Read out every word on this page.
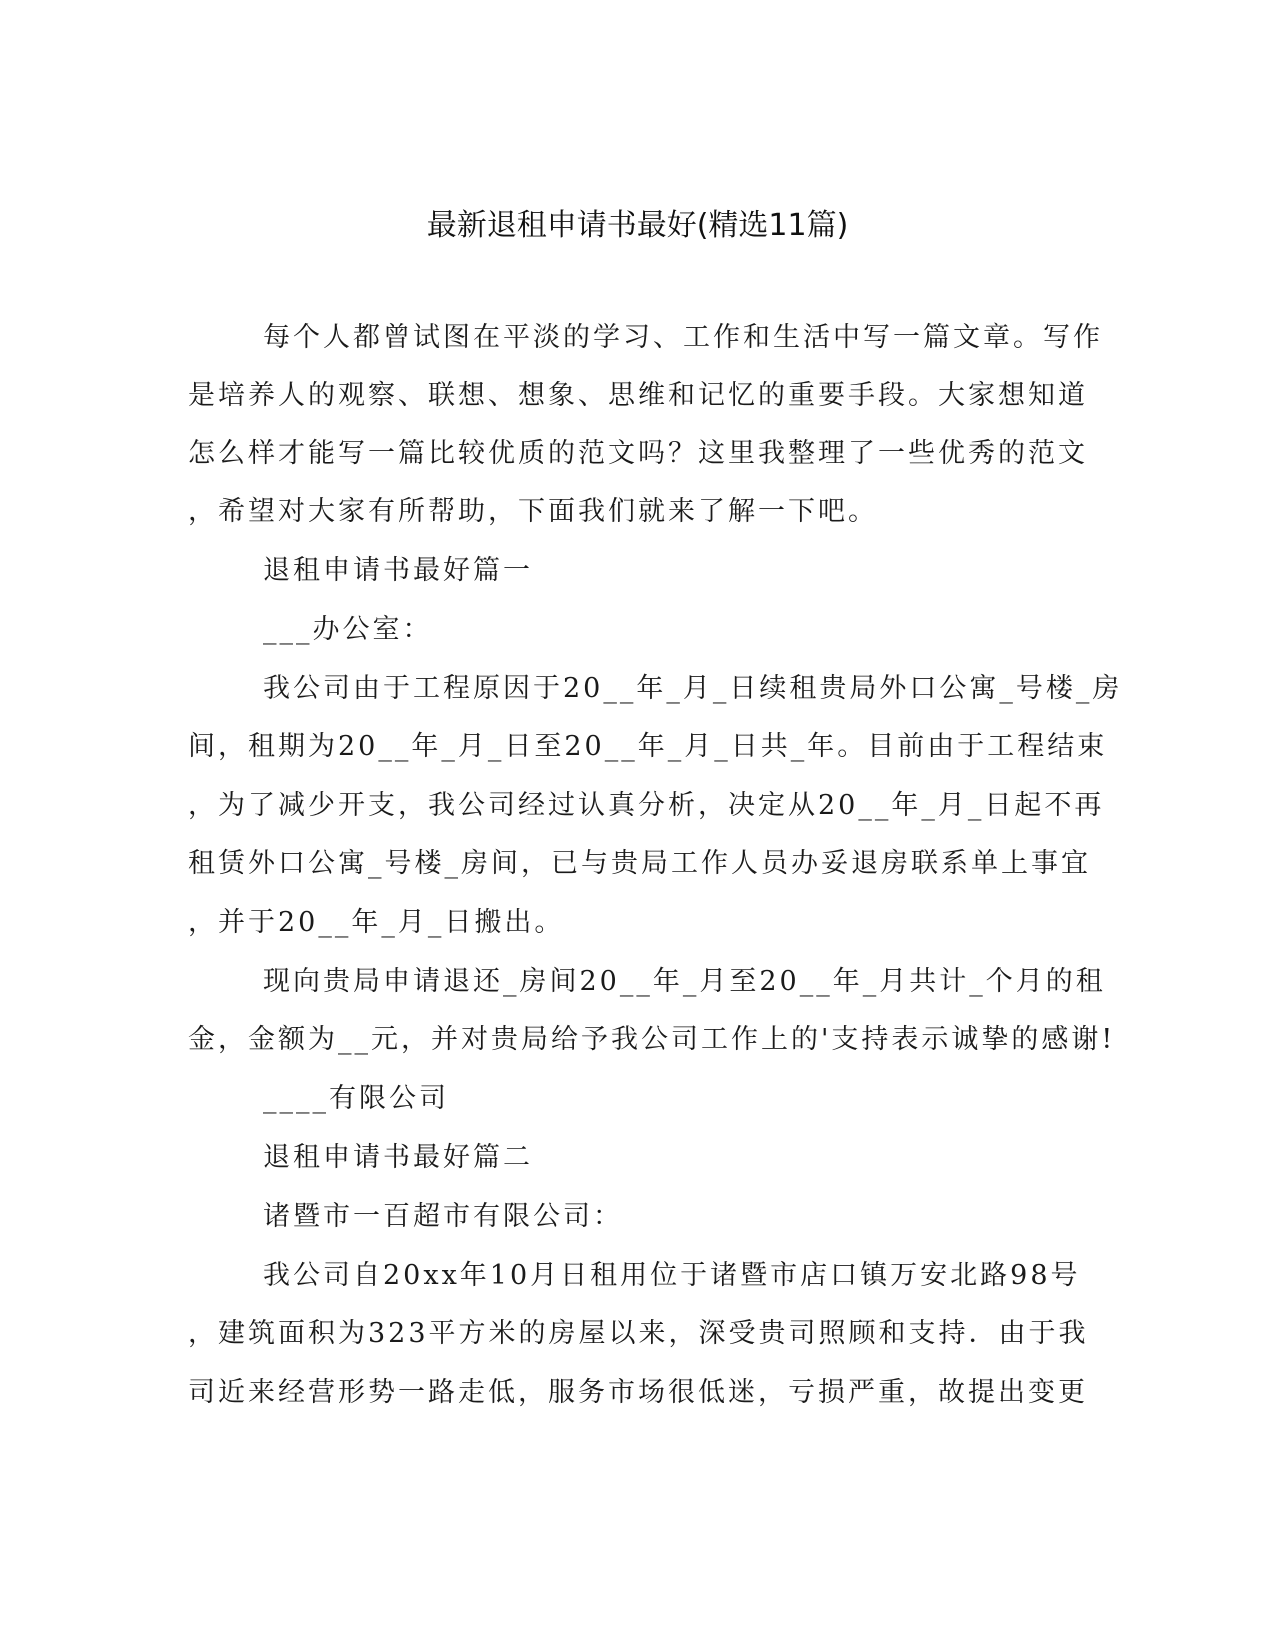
最新退租申请书最好(精选11篇)
每个人都曾试图在平淡的学习、工作和生活中写一篇文章。写作
是培养人的观察、联想、想象、思维和记忆的重要手段。大家想知道
怎么样才能写一篇比较优质的范文吗？这里我整理了一些优秀的范文
，希望对大家有所帮助，下面我们就来了解一下吧。
退租申请书最好篇一
___办公室：
我公司由于工程原因于20__年_月_日续租贵局外口公寓_号楼_房
间，租期为20__年_月_日至20__年_月_日共_年。目前由于工程结束
，为了减少开支，我公司经过认真分析，决定从20__年_月_日起不再
租赁外口公寓_号楼_房间，已与贵局工作人员办妥退房联系单上事宜
，并于20__年_月_日搬出。
现向贵局申请退还_房间20__年_月至20__年_月共计_个月的租
金，金额为__元，并对贵局给予我公司工作上的'支持表示诚挚的感谢!
____有限公司
退租申请书最好篇二
诸暨市一百超市有限公司：
我公司自20xx年10月日租用位于诸暨市店口镇万安北路98号
，建筑面积为323平方米的房屋以来，深受贵司照顾和支持．由于我
司近来经营形势一路走低，服务市场很低迷，亏损严重，故提出变更
